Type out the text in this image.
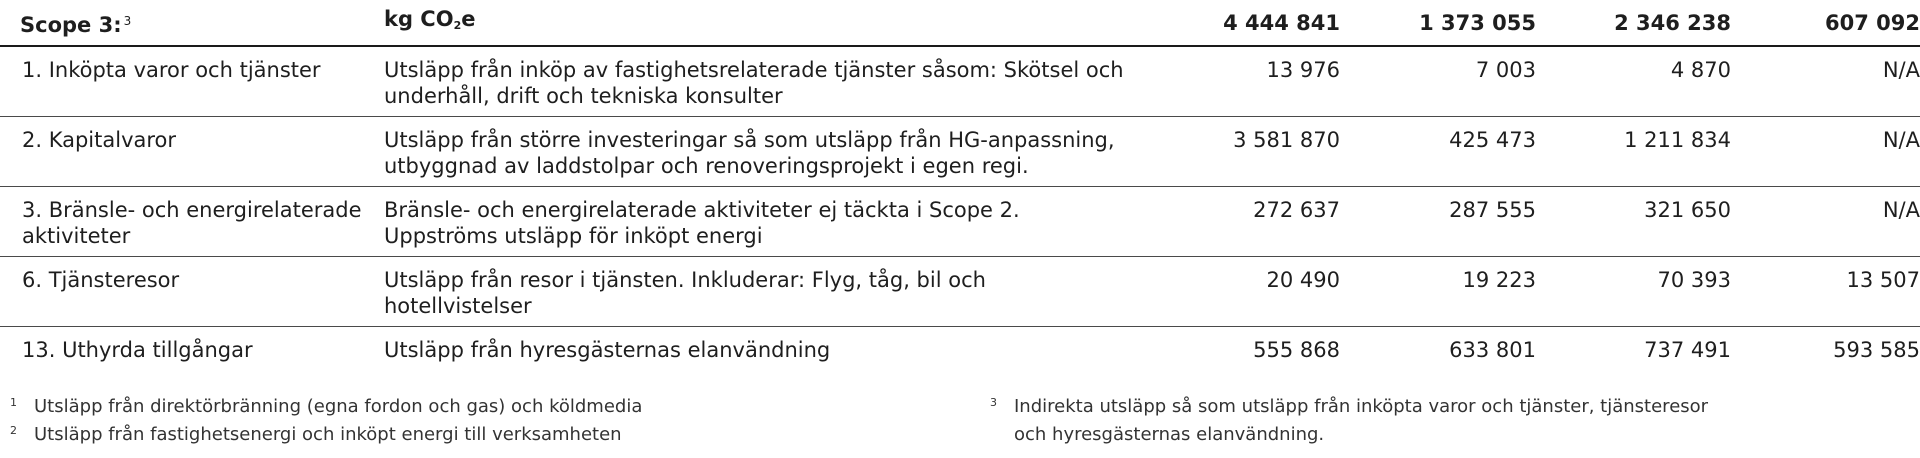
Scope 3: $^3$	kg $CO_2e$	4 444 841	1 373 055	2 346 238	607 092
1. Inköpta varor och tjänster	Utsläpp från inköp av fastighetsrelaterade tjänster såsom: Skötsel och underhåll, drift och tekniska konsulter	13 976	7 003	4 870	N/A
2. Kapitalvaror	Utsläpp från större investeringar så som utsläpp från HG-anpassning, utbyggnad av laddstolpar och renoveringsprojekt i egen regi.	3 581 870	425 473	1 211 834	N/A
3. Bränsle- och energirelaterade aktiviteter	Bränsle- och energirelaterade aktiviteter ej täckta i Scope 2. Uppströms utsläpp för inköpt energi	272 637	287 555	321 650	N/A
6. Tjänsteresor	Utsläpp från resor i tjänsten. Inkluderar: Flyg, tåg, bil och hotellvistelser	20 490	19 223	70 393	13 507
13. Uthyrda tillgångar	Utsläpp från hyresgästernas elanvändning	555 868	633 801	737 491	593 585
1 Utsläpp från direktörbränning (egna fordon och gas) och köldmedia
2 Utsläpp från fastighetsenergi och inköpt energi till verksamheten
3 Indirekta utsläpp så som utsläpp från inköpta varor och tjänster, tjänsteresor
och hyresgästernas elanvändning.
